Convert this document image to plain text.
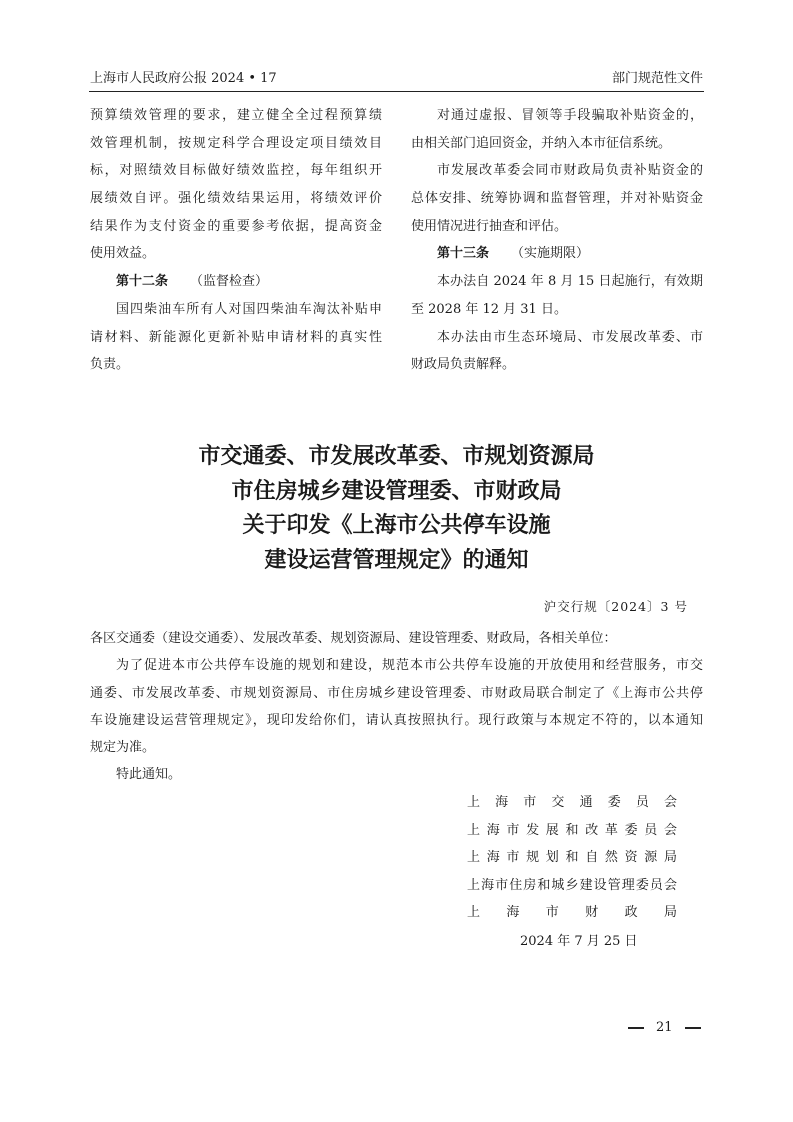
上海市人民政府公报 2024 • 17	部门规范性文件
预算绩效管理的要求，建立健全全过程预算绩
效管理机制，按规定科学合理设定项目绩效目
标，对照绩效目标做好绩效监控，每年组织开
展绩效自评。强化绩效结果运用，将绩效评价
结果作为支付资金的重要参考依据，提高资金
使用效益。
第十二条 （监督检查）
国四柴油车所有人对国四柴油车淘汰补贴申
请材料、新能源化更新补贴申请材料的真实性
负责。
对通过虚报、冒领等手段骗取补贴资金的，
由相关部门追回资金，并纳入本市征信系统。
市发展改革委会同市财政局负责补贴资金的
总体安排、统筹协调和监督管理，并对补贴资金
使用情况进行抽查和评估。
第十三条 （实施期限）
本办法自 2024 年 8 月 15 日起施行，有效期
至 2028 年 12 月 31 日。
本办法由市生态环境局、市发展改革委、市
财政局负责解释。
市交通委、市发展改革委、市规划资源局
市住房城乡建设管理委、市财政局
关于印发《上海市公共停车设施
建设运营管理规定》的通知
沪交行规〔2024〕3 号
各区交通委（建设交通委）、发展改革委、规划资源局、建设管理委、财政局，各相关单位：
为了促进本市公共停车设施的规划和建设，规范本市公共停车设施的开放使用和经营服务，市交
通委、市发展改革委、市规划资源局、市住房城乡建设管理委、市财政局联合制定了《上海市公共停
车设施建设运营管理规定》，现印发给你们，请认真按照执行。现行政策与本规定不符的，以本通知
规定为准。
特此通知。
上海市交通委员会
上海市发展和改革委员会
上海市规划和自然资源局
上海市住房和城乡建设管理委员会
上海市财政局
2024 年 7 月 25 日
21
